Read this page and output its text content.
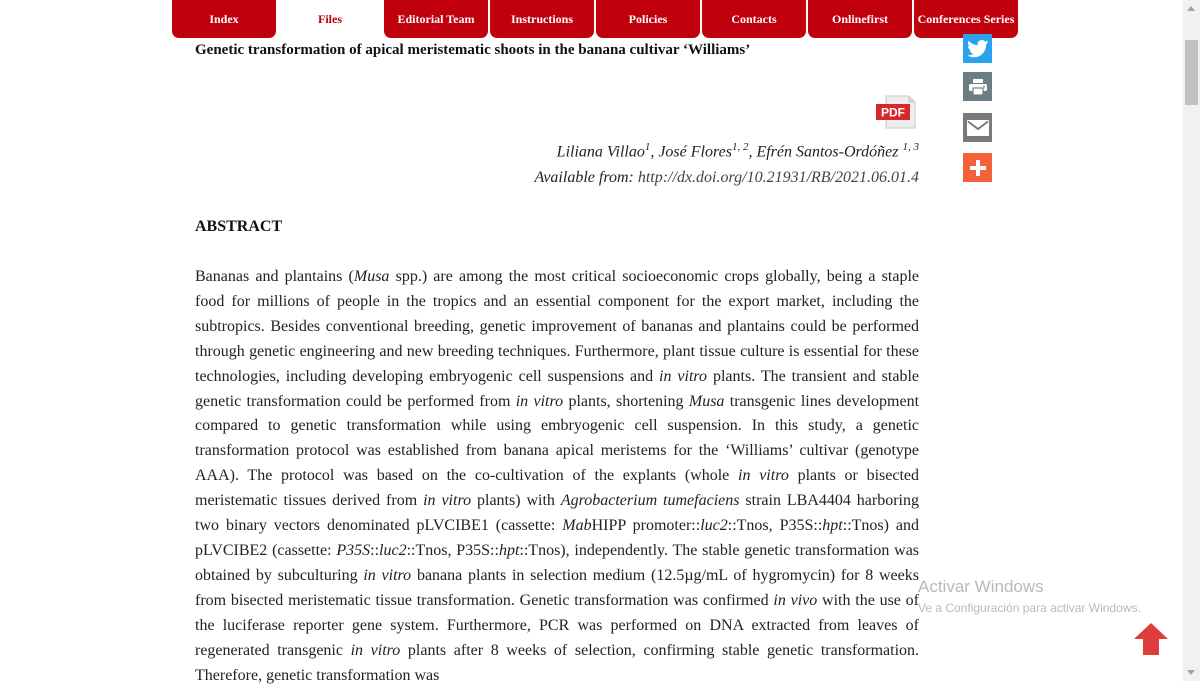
Index	Files	Editorial Team	Instructions	Policies	Contacts	Onlinefirst	Conferences Series
Genetic transformation of apical meristematic shoots in the banana cultivar ‘Williams’
PDF
Liliana Villao$^1$, José Flores$^{1, 2}$, Efrén Santos-Ordóñez $^{1, 3}$
Available from: http://dx.doi.org/10.21931/RB/2021.06.01.4
ABSTRACT

Bananas and plantains (Musa spp.) are among the most critical socioeconomic crops globally, being a staple food for millions of people in the tropics and an essential component for the export market, including the subtropics. Besides conventional breeding, genetic improvement of bananas and plantains could be performed through genetic engineering and new breeding techniques. Furthermore, plant tissue culture is essential for these technologies, including developing embryogenic cell suspensions and in vitro plants. The transient and stable genetic transformation could be performed from in vitro plants, shortening Musa transgenic lines development compared to genetic transformation while using embryogenic cell suspension. In this study, a genetic transformation protocol was established from banana apical meristems for the ‘Williams’ cultivar (genotype AAA). The protocol was based on the co-cultivation of the explants (whole in vitro plants or bisected meristematic tissues derived from in vitro plants) with Agrobacterium tumefaciens strain LBA4404 harboring two binary vectors denominated pLVCIBE1 (cassette: MabHIPP promoter::luc2::Tnos, P35S::hpt::Tnos) and pLVCIBE2 (cassette: P35S::luc2::Tnos, P35S::hpt::Tnos), independently. The stable genetic transformation was obtained by subculturing in vitro banana plants in selection medium (12.5µg/mL of hygromycin) for 8 weeks from bisected meristematic tissue transformation. Genetic transformation was confirmed in vivo with the use of the luciferase reporter gene system. Furthermore, PCR was performed on DNA extracted from leaves of regenerated transgenic in vitro plants after 8 weeks of selection, confirming stable genetic transformation. Therefore, genetic transformation was

Activar Windows
Ve a Configuración para activar Windows.
